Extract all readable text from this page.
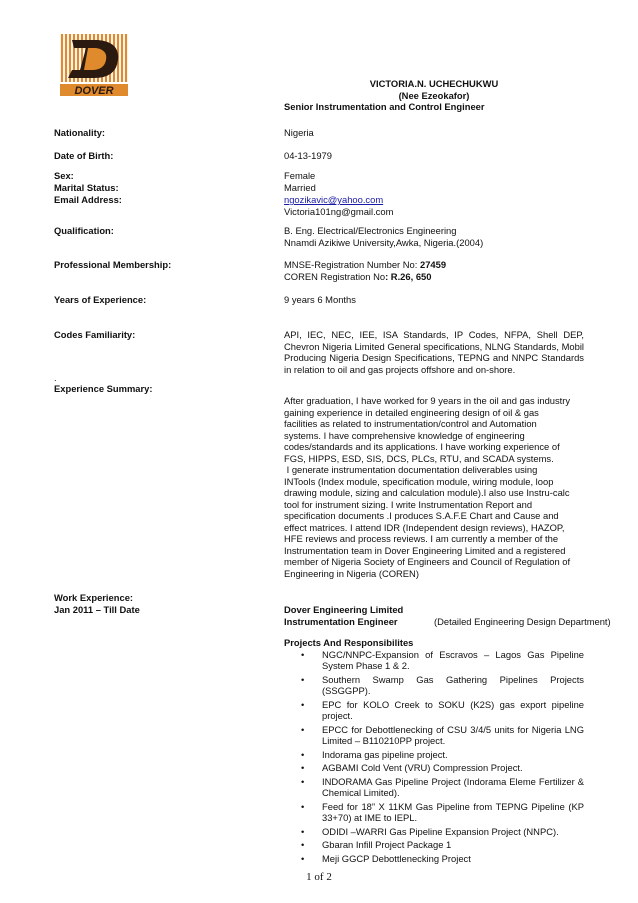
DOVER
VICTORIA.N. UCHECHUKWU
(Nee Ezeokafor)
Senior Instrumentation and Control Engineer
Nationality:	Nigeria
Date of Birth:	04-13-1979
Sex:	Female
Marital Status:	Married
Email Address:	ngozikavic@yahoo.com
Victoria101ng@gmail.com
Qualification:	B. Eng. Electrical/Electronics Engineering
Nnamdi Azikiwe University,Awka, Nigeria.(2004)
Professional Membership:	MNSE-Registration Number No: 27459
COREN Registration No: R.26, 650
Years of Experience:	9 years 6 Months
Codes Familiarity:	API, IEC, NEC, IEE, ISA Standards, IP Codes, NFPA, Shell DEP, Chevron Nigeria Limited General specifications, NLNG Standards, Mobil Producing Nigeria Design Specifications, TEPNG and NNPC Standards in relation to oil and gas projects offshore and on-shore.
.
Experience Summary:
After graduation, I have worked for 9 years in the oil and gas industry
gaining experience in detailed engineering design of oil & gas
facilities as related to instrumentation/control and Automation
systems. I have comprehensive knowledge of engineering
codes/standards and its applications. I have working experience of
FGS, HIPPS, ESD, SIS, DCS, PLCs, RTU, and SCADA systems.
I generate instrumentation documentation deliverables using
INTools (Index module, specification module, wiring module, loop
drawing module, sizing and calculation module).I also use Instru-calc
tool for instrument sizing. I write Instrumentation Report and
specification documents .I produces S.A.F.E Chart and Cause and
effect matrices. I attend IDR (Independent design reviews), HAZOP,
HFE reviews and process reviews. I am currently a member of the
Instrumentation team in Dover Engineering Limited and a registered
member of Nigeria Society of Engineers and Council of Regulation of
Engineering in Nigeria (COREN)
Work Experience:
Jan 2011 – Till Date	Dover Engineering Limited
Instrumentation Engineer	(Detailed Engineering Design Department)
Projects And Responsibilites
• NGC/NNPC-Expansion of Escravos – Lagos Gas Pipeline System Phase 1 & 2.
• Southern Swamp Gas Gathering Pipelines Projects (SSGGPP).
• EPC for KOLO Creek to SOKU (K2S) gas export pipeline project.
• EPCC for Debottlenecking of CSU 3/4/5 units for Nigeria LNG Limited – B110210PP project.
• Indorama gas pipeline project.
• AGBAMI Cold Vent (VRU) Compression Project.
• INDORAMA Gas Pipeline Project (Indorama Eleme Fertilizer & Chemical Limited).
• Feed for 18” X 11KM Gas Pipeline from TEPNG Pipeline (KP 33+70) at IME to IEPL.
• ODIDI –WARRI Gas Pipeline Expansion Project (NNPC).
• Gbaran Infill Project Package 1
• Meji GGCP Debottlenecking Project
1 of 2
